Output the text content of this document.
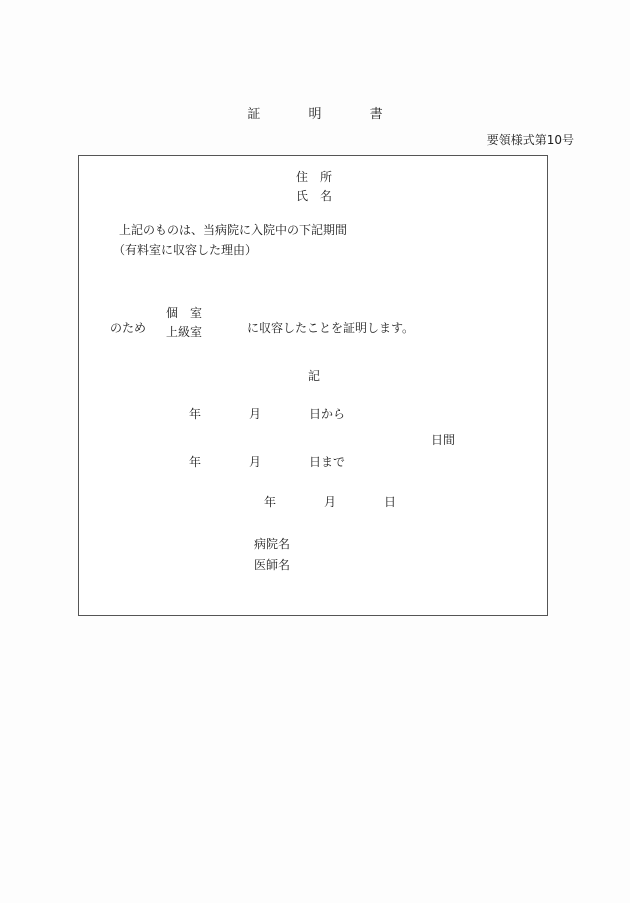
証	明	書
要領様式第10号
住　所
氏　名
上記のものは、当病院に入院中の下記期間
（有料室に収容した理由）
のため
個　室
上級室	に収容したことを証明します。
記
年　　　　月　　　　日から
日間
年　　　　月　　　　日まで
年　　　　月　　　　日
病院名
医師名
